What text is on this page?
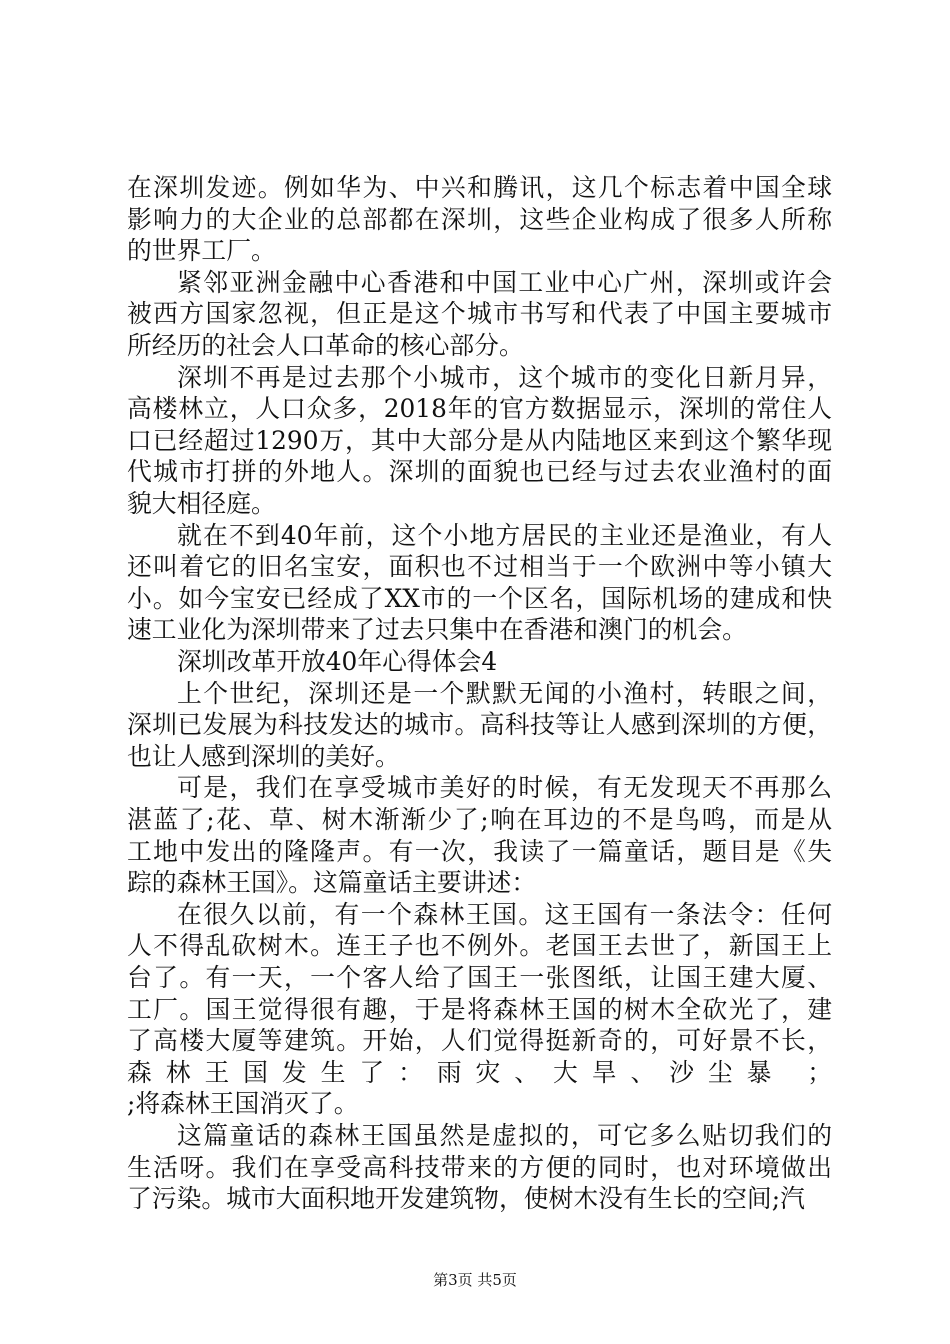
在深圳发迹。例如华为、中兴和腾讯，这几个标志着中国全球
影响力的大企业的总部都在深圳，这些企业构成了很多人所称
的世界工厂。
紧邻亚洲金融中心香港和中国工业中心广州，深圳或许会
被西方国家忽视，但正是这个城市书写和代表了中国主要城市
所经历的社会人口革命的核心部分。
深圳不再是过去那个小城市，这个城市的变化日新月异，
高楼林立，人口众多，2018年的官方数据显示，深圳的常住人
口已经超过1290万，其中大部分是从内陆地区来到这个繁华现
代城市打拼的外地人。深圳的面貌也已经与过去农业渔村的面
貌大相径庭。
就在不到40年前，这个小地方居民的主业还是渔业，有人
还叫着它的旧名宝安，面积也不过相当于一个欧洲中等小镇大
小。如今宝安已经成了XX市的一个区名，国际机场的建成和快
速工业化为深圳带来了过去只集中在香港和澳门的机会。
深圳改革开放40年心得体会4
上个世纪，深圳还是一个默默无闻的小渔村，转眼之间，
深圳已发展为科技发达的城市。高科技等让人感到深圳的方便，
也让人感到深圳的美好。
可是，我们在享受城市美好的时候，有无发现天不再那么
湛蓝了;花、草、树木渐渐少了;响在耳边的不是鸟鸣，而是从
工地中发出的隆隆声。有一次，我读了一篇童话，题目是《失
踪的森林王国》。这篇童话主要讲述：
在很久以前，有一个森林王国。这王国有一条法令：任何
人不得乱砍树木。连王子也不例外。老国王去世了，新国王上
台了。有一天，一个客人给了国王一张图纸，让国王建大厦、
工厂。国王觉得很有趣，于是将森林王国的树木全砍光了，建
了高楼大厦等建筑。开始，人们觉得挺新奇的，可好景不长，
森林王国发生了：雨灾、大旱、沙尘暴 ；
;将森林王国消灭了。
这篇童话的森林王国虽然是虚拟的，可它多么贴切我们的
生活呀。我们在享受高科技带来的方便的同时，也对环境做出
了污染。城市大面积地开发建筑物，使树木没有生长的空间;汽
第3页 共5页
